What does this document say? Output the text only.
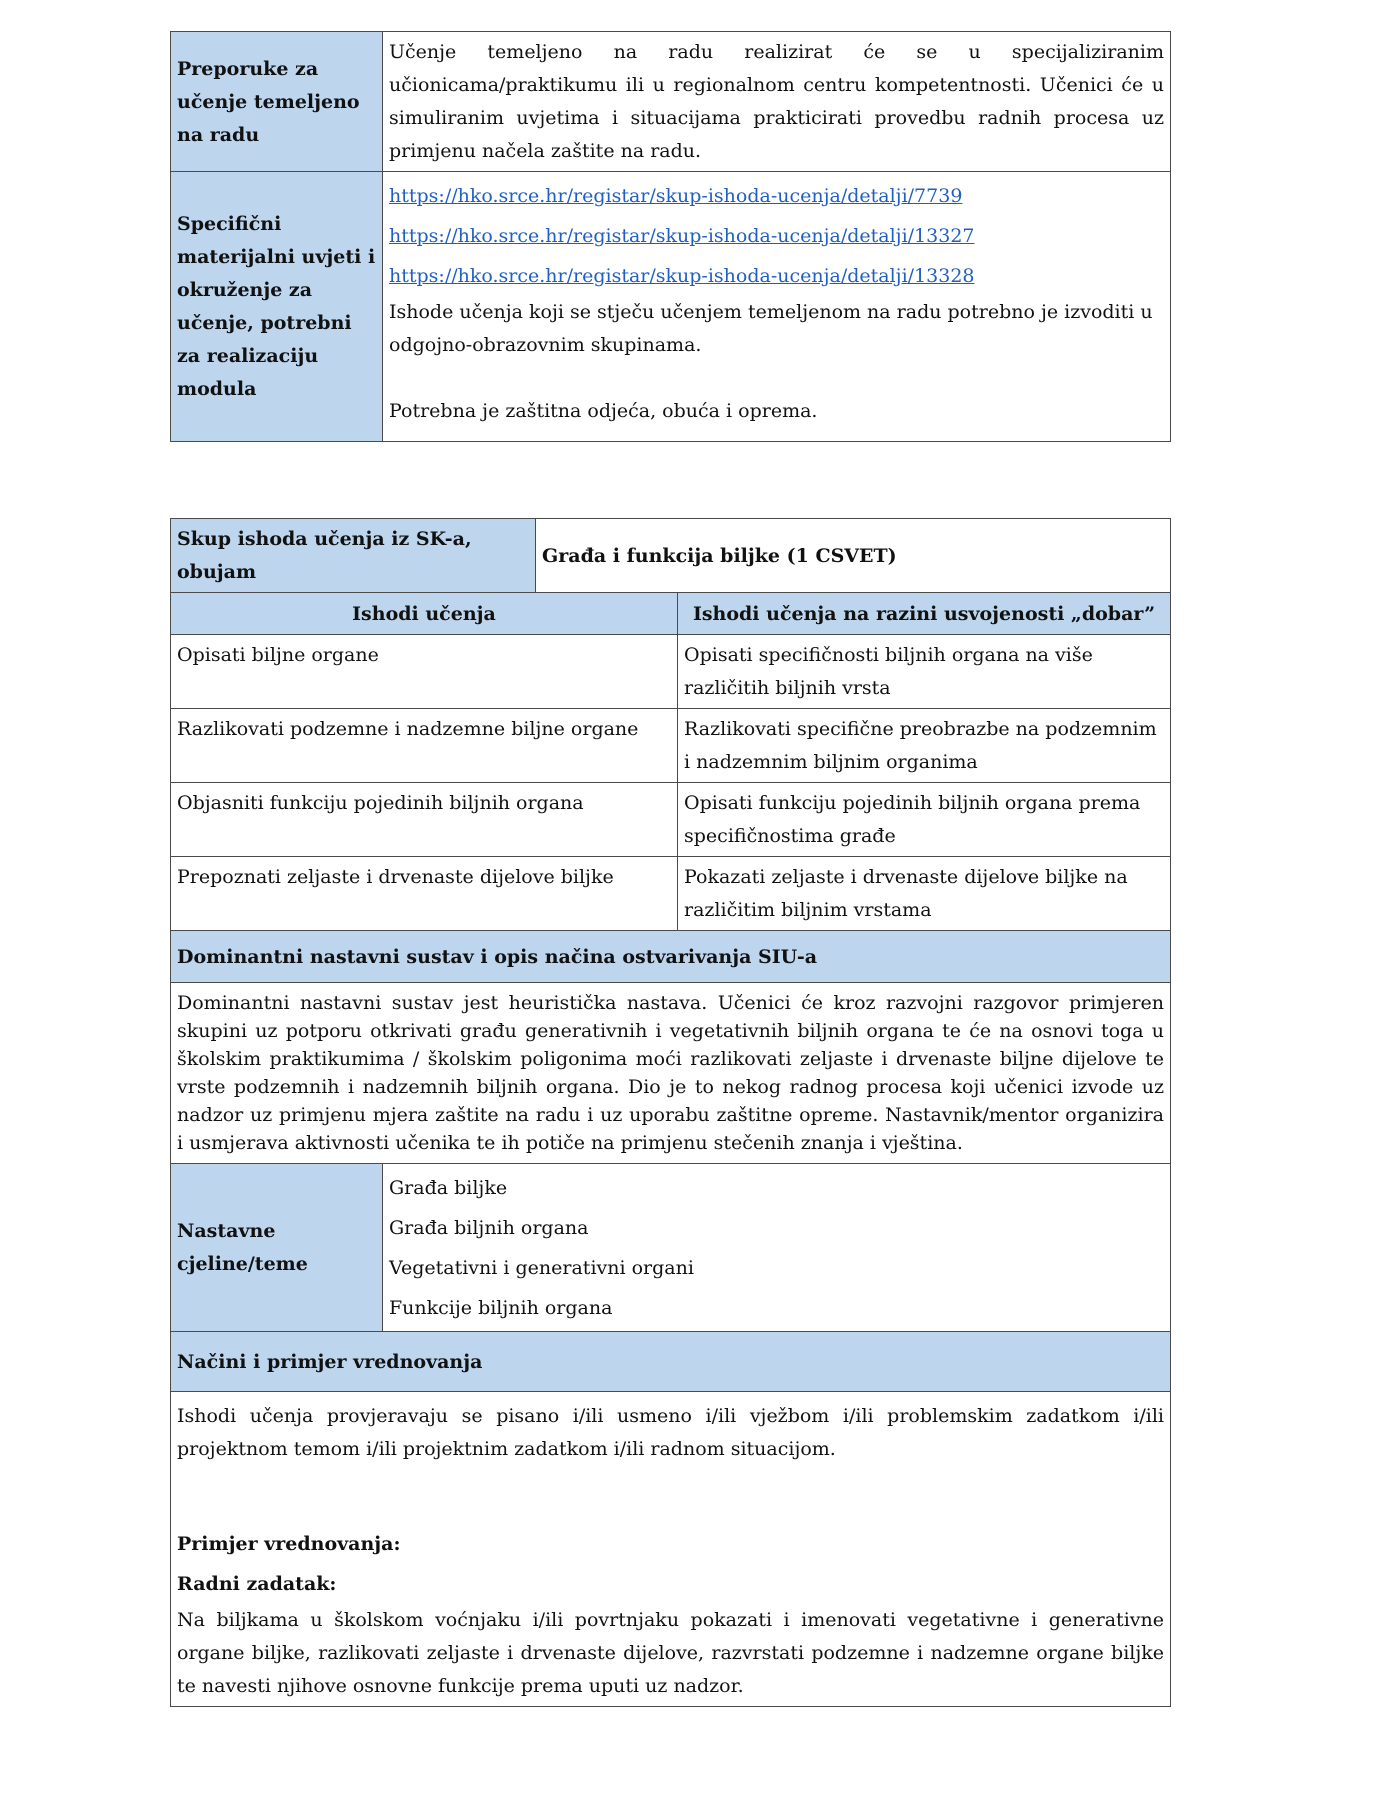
Preporuke za učenje temeljeno na radu	Učenje temeljeno na radu realizirat će se u specijaliziranim učionicama/praktikumu ili u regionalnom centru kompetentnosti. Učenici će u simuliranim uvjetima i situacijama prakticirati provedbu radnih procesa uz primjenu načela zaštite na radu.
Specifični materijalni uvjeti i okruženje za učenje, potrebni za realizaciju modula	https://hko.srce.hr/registar/skup-ishoda-ucenja/detalji/7739
https://hko.srce.hr/registar/skup-ishoda-ucenja/detalji/13327
https://hko.srce.hr/registar/skup-ishoda-ucenja/detalji/13328
Ishode učenja koji se stječu učenjem temeljenom na radu potrebno je izvoditi u odgojno-obrazovnim skupinama.
Potrebna je zaštitna odjeća, obuća i oprema.
Skup ishoda učenja iz SK-a, obujam		Građa i funkcija biljke (1 CSVET)	
Ishodi učenja			Ishodi učenja na razini usvojenosti „dobar”
Opisati biljne organe			Opisati specifičnosti biljnih organa na više različitih biljnih vrsta
Razlikovati podzemne i nadzemne biljne organe			Razlikovati specifične preobrazbe na podzemnim i nadzemnim biljnim organima
Objasniti funkciju pojedinih biljnih organa			Opisati funkciju pojedinih biljnih organa prema specifičnostima građe
Prepoznati zeljaste i drvenaste dijelove biljke			Pokazati zeljaste i drvenaste dijelove biljke na različitim biljnim vrstama
Dominantni nastavni sustav i opis načina ostvarivanja SIU-a			
Dominantni nastavni sustav jest heuristička nastava. Učenici će kroz razvojni razgovor primjeren skupini uz potporu otkrivati građu generativnih i vegetativnih biljnih organa te će na osnovi toga u školskim praktikumima / školskim poligonima moći razlikovati zeljaste i drvenaste biljne dijelove te vrste podzemnih i nadzemnih biljnih organa. Dio je to nekog radnog procesa koji učenici izvode uz nadzor uz primjenu mjera zaštite na radu i uz uporabu zaštitne opreme. Nastavnik/mentor organizira i usmjerava aktivnosti učenika te ih potiče na primjenu stečenih znanja i vještina.			
Nastavne cjeline/teme	Građa biljke
Građa biljnih organa
Vegetativni i generativni organi
Funkcije biljnih organa		

Načini i primjer vrednovanja			

Ishodi učenja provjeravaju se pisano i/ili usmeno i/ili vježbom i/ili problemskim zadatkom i/ili projektnom temom i/ili projektnim zadatkom i/ili radnom situacijom.
Primjer vrednovanja:
Radni zadatak:
Na biljkama u školskom voćnjaku i/ili povrtnjaku pokazati i imenovati vegetativne i generativne organe biljke, razlikovati zeljaste i drvenaste dijelove, razvrstati podzemne i nadzemne organe biljke te navesti njihove osnovne funkcije prema uputi uz nadzor.			
